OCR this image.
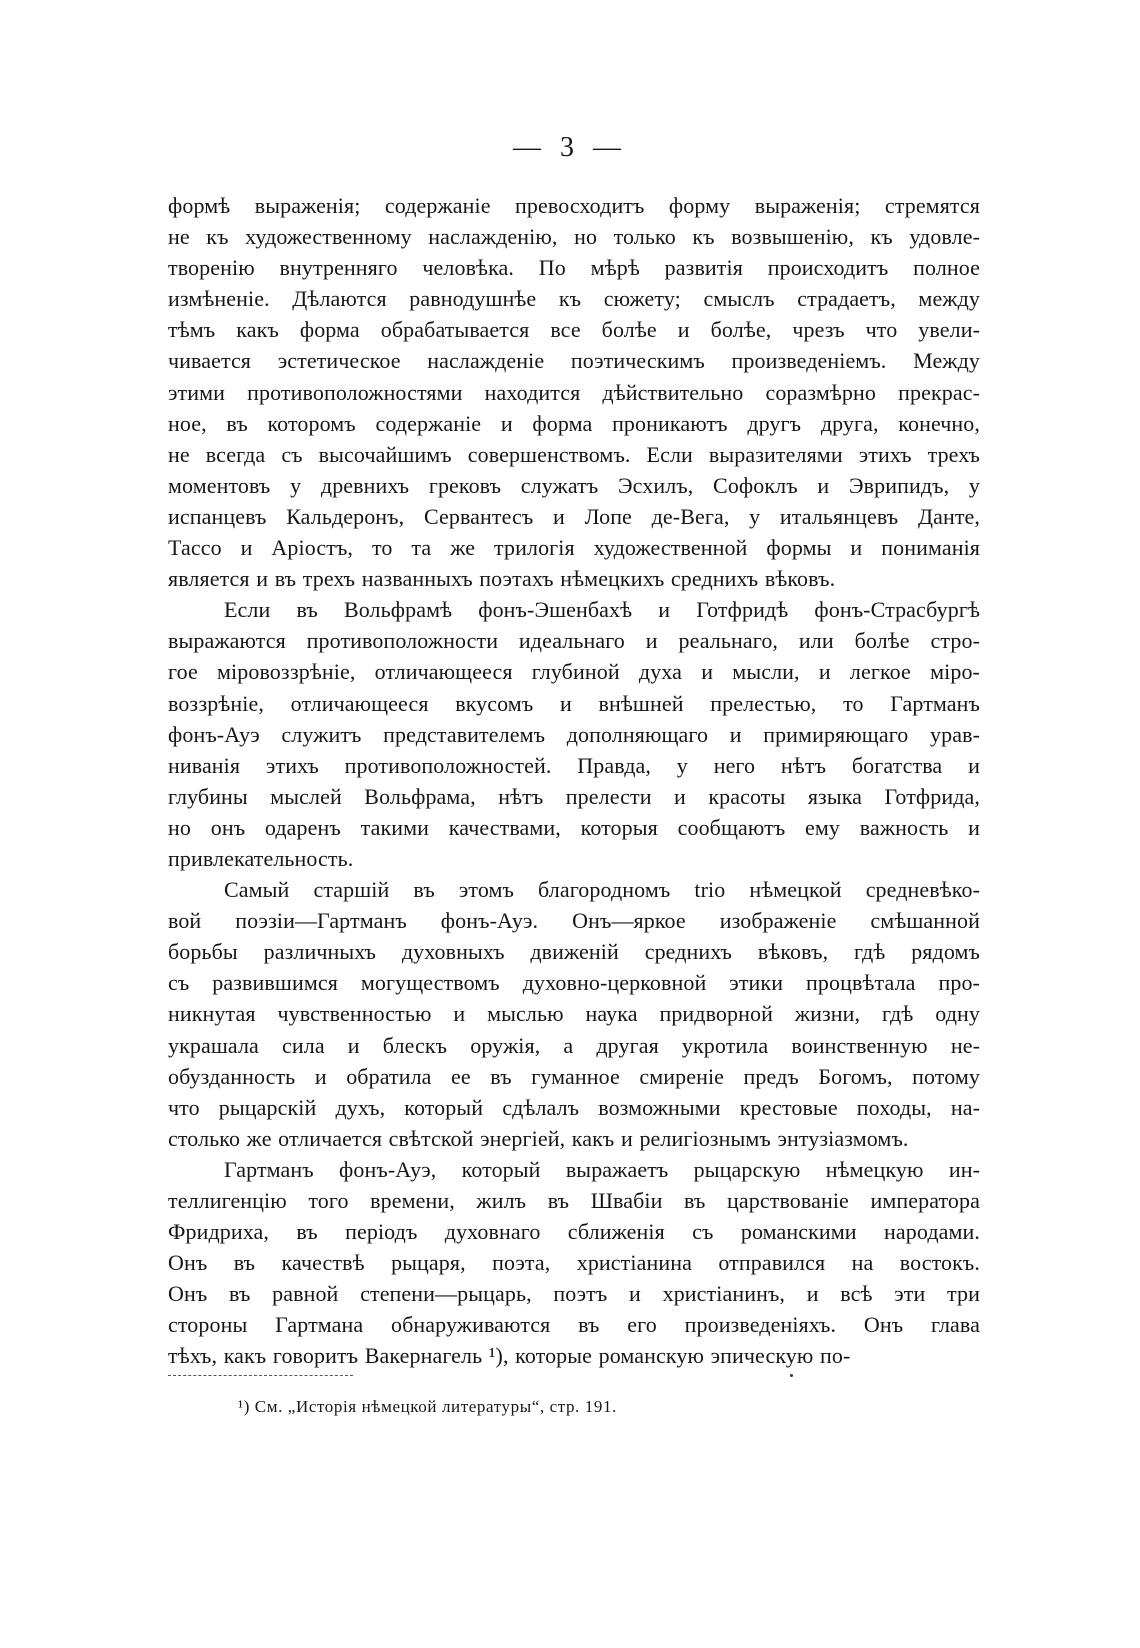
— 3 —
формѣ выраженія; содержаніе превосходитъ форму выраженія; стремятся
не къ художественному наслажденію, но только къ возвышенію, къ удовле-
творенію внутренняго человѣка. По мѣрѣ развитія происходитъ полное
измѣненіе. Дѣлаются равнодушнѣе къ сюжету; смыслъ страдаетъ, между
тѣмъ какъ форма обрабатывается все болѣе и болѣе, чрезъ что увели-
чивается эстетическое наслажденіе поэтическимъ произведеніемъ. Между
этими противоположностями находится дѣйствительно соразмѣрно прекрас-
ное, въ которомъ содержаніе и форма проникаютъ другъ друга, конечно,
не всегда съ высочайшимъ совершенствомъ. Если выразителями этихъ трехъ
моментовъ у древнихъ грековъ служатъ Эсхилъ, Софоклъ и Эврипидъ, у
испанцевъ Кальдеронъ, Сервантесъ и Лопе де-Вега, у итальянцевъ Данте,
Тассо и Аріостъ, то та же трилогія художественной формы и пониманія
является и въ трехъ названныхъ поэтахъ нѣмецкихъ среднихъ вѣковъ.
Если въ Вольфрамѣ фонъ-Эшенбахѣ и Готфридѣ фонъ-Страсбургѣ
выражаются противоположности идеальнаго и реальнаго, или болѣе стро-
гое міровоззрѣніе, отличающееся глубиной духа и мысли, и легкое міро-
воззрѣніе, отличающееся вкусомъ и внѣшней прелестью, то Гартманъ
фонъ-Ауэ служитъ представителемъ дополняющаго и примиряющаго урав-
ниванія этихъ противоположностей. Правда, у него нѣтъ богатства и
глубины мыслей Вольфрама, нѣтъ прелести и красоты языка Готфрида,
но онъ одаренъ такими качествами, которыя сообщаютъ ему важность и
привлекательность.
Самый старшій въ этомъ благородномъ trio нѣмецкой средневѣко-
вой поэзіи—Гартманъ фонъ-Ауэ. Онъ—яркое изображеніе смѣшанной
борьбы различныхъ духовныхъ движеній среднихъ вѣковъ, гдѣ рядомъ
съ развившимся могуществомъ духовно-церковной этики процвѣтала про-
никнутая чувственностью и мыслью наука придворной жизни, гдѣ одну
украшала сила и блескъ оружія, а другая укротила воинственную не-
обузданность и обратила ее въ гуманное смиреніе предъ Богомъ, потому
что рыцарскій духъ, который сдѣлалъ возможными крестовые походы, на-
столько же отличается свѣтской энергіей, какъ и религіознымъ энтузіазмомъ.
Гартманъ фонъ-Ауэ, который выражаетъ рыцарскую нѣмецкую ин-
теллигенцію того времени, жилъ въ Швабіи въ царствованіе императора
Фридриха, въ періодъ духовнаго сближенія съ романскими народами.
Онъ въ качествѣ рыцаря, поэта, христіанина отправился на востокъ.
Онъ въ равной степени—рыцарь, поэтъ и христіанинъ, и всѣ эти три
стороны Гартмана обнаруживаются въ его произведеніяхъ. Онъ глава
тѣхъ, какъ говоритъ Вакернагель ¹), которые романскую эпическую по-
¹) См. „Исторія нѣмецкой литературы“, стр. 191.
